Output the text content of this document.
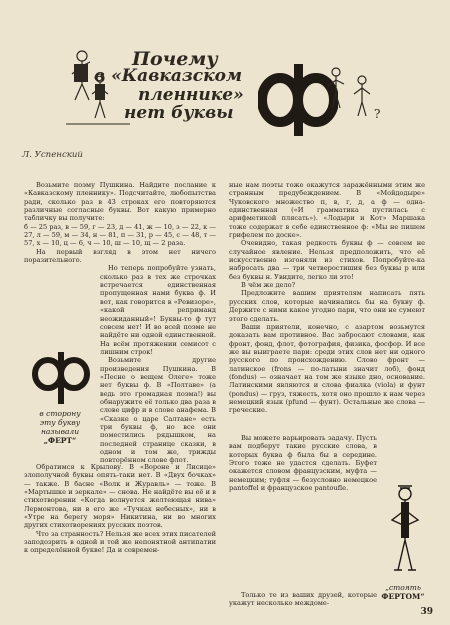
Почему
в «Кавказском
пленнике»
нет буквы	?
Л. Успенский

Возьмите поэму Пушкина. Найдите послание к «Кавказскому пленнику». Подсчитайте, любопытства ради, сколько раз в 43 строках его повторяются различные согласные буквы. Вот какую примерно табличку вы получите:

б — 25 раз, в — 59, г — 23, д — 41, ж — 10, з — 22, к — 27, л — 59, м — 34, н — 81, п — 31, р — 45, с — 48, т — 57, х — 10, ц — 6, ч — 10, ш — 10, щ — 2 раза.

На первый взгляд в этом нет ничего поразительного.

Но теперь попробуйте узнать, сколько раз в тех же строчках встречается единственная пропущенная нами буква ф. И вот, как говорится в «Ревизоре», «какой реприманд неожиданный»! Буквы-то ф тут совсем нет! И во всей поэме не найдёте ни одной единственной. На всём протяжении семисот с лишним строк!

Возьмите другие произведения Пушкина. В «Песне о вещем Олеге» тоже нет буквы ф. В «Полтаве» (а ведь это громадная поэма!) вы обнаружите её только два раза в слове цифр и в слове анафема. В «Сказке о царе Салтане» есть три буквы ф, но все они поместились рядышком, на последней странице сказки, в одном и том же, трижды повторённом слове флот.

в сторону
эту букву
называли
„ФЕРТ“

Обратимся к Крылову. В «Вороне и Лисице» злополучной буквы опять-таки нет. В «Двух бочках» — также. В басне «Волк и Журавль» — тоже. В «Мартышке и зеркале» — снова. Не найдёте вы её и в стихотворении «Когда волнуется желтеющая нива» Лермонтова, ни в его же «Тучках небесных», ни в «Утре на берегу моря» Никитина, ни во многих других стихотворениях русских поэтов.

Что за странность? Нельзя же всех этих писателей заподозрить в одной и той же непонятной антипатии к определённой букве! Да и современ-

ные нам поэты тоже окажутся заражёнными этим же странным предубеждением. В «Мойдодыре» Чуковского множество п, в, г, д, а ф — одна-единственная («И грамматика пустилась с арифметикой плясать»). «Лодыри и Кот» Маршака тоже содержат в себе единственное ф: «Мы не пишем грифелем по доске».

Очевидно, такая редкость буквы ф — совсем не случайное явление. Нельзя предположить, что её искусственно изгоняли из стихов. Попробуйте-ка набросать два — три четверостишия без буквы р или без буквы н. Увидите, легко ли это!

В чём же дело?

Предложите вашим приятелям написать пять русских слов, которые начинались бы на букву ф. Держите с ними какое угодно пари, что они не сумеют этого сделать.

Ваши приятели, конечно, с азартом возьмутся доказать вам противное. Вас забросают словами, как фронт, фонд, флот, фотография, физика, фосфор. И все же вы выиграете пари: среди этих слов нет ни одного русского по происхождению. Слово фронт — латинское (frons — по-латыни значит лоб), фонд (fondus) — означает на том же языке дно, основание. Латинскими являются и слова фиалка (viola) и фунт (pondus) — груз, тяжесть, хотя оно прошло к нам через немецкий язык (pfund — фунт). Остальные же слова — греческие.

Вы можете варьировать задачу. Пусть вам подберут такие русские слова, в которых буква ф была бы в середине. Этого тоже не удастся сделать. Буфет окажется словом французским, муфта — немецким; туфля — безусловно немецкое pantoffel и французское pantoufle.

„стоять
ФЕРТОМ“
Только те из ваших друзей, которые укажут несколько междоме-
39
